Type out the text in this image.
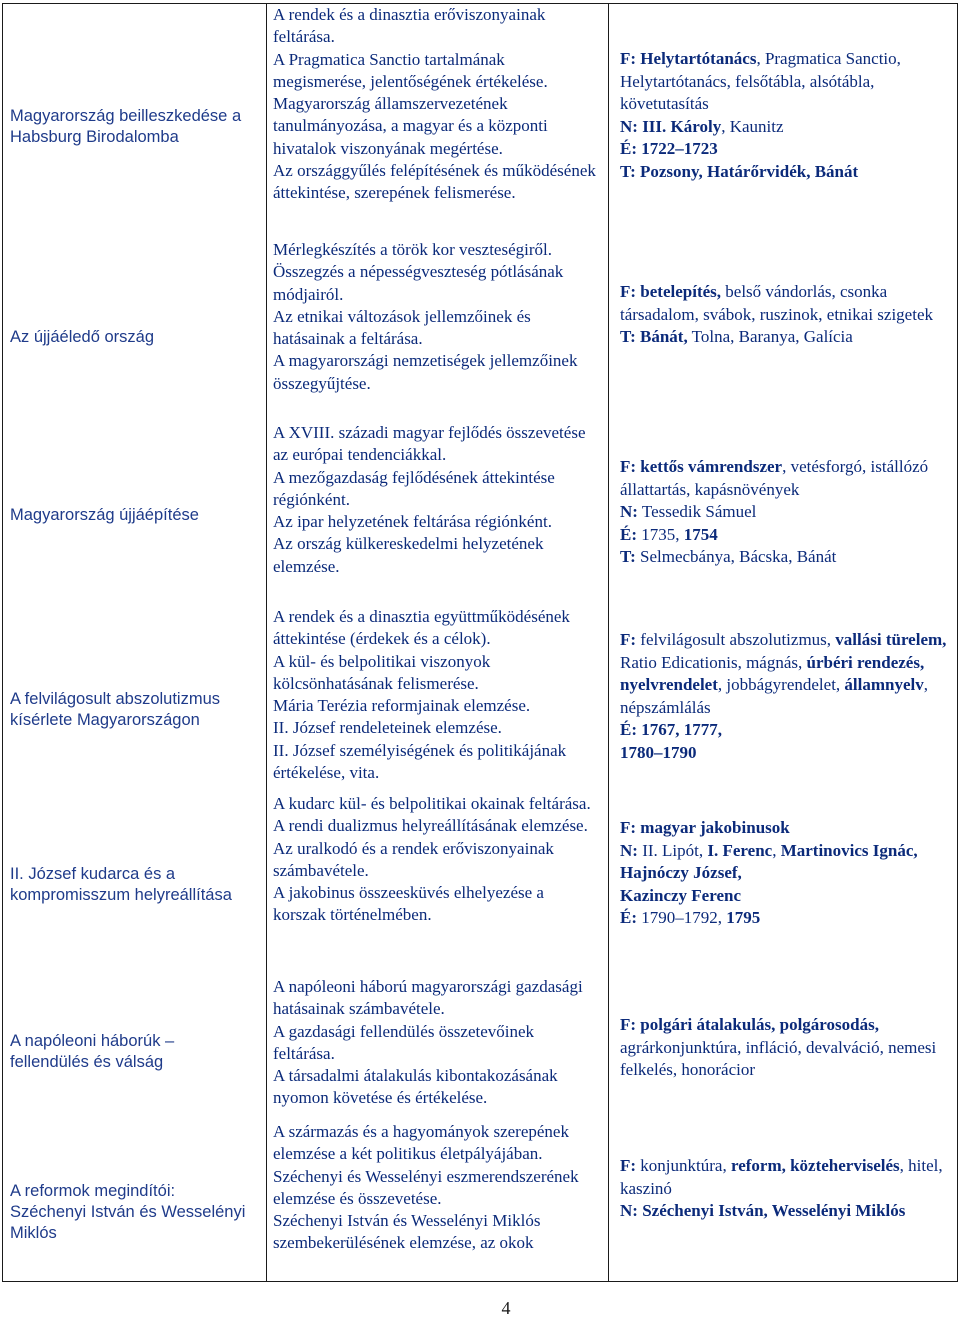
Magyarország beilleszkedése a Habsburg Birodalomba
Az újjáéledő ország
Magyarország újjáépítése
A felvilágosult abszolutizmus kísérlete Magyarországon
II. József kudarca és a kompromisszum helyreállítása
A napóleoni háborúk – fellendülés és válság
A reformok megindítói: Széchenyi István és Wesselényi Miklós

A rendek és a dinasztia erőviszonyainak feltárása.

A Pragmatica Sanctio tartalmának megismerése, jelentőségének értékelése.

Magyarország államszervezetének tanulmányozása, a magyar és a központi hivatalok viszonyának megértése.

Az országgyűlés felépítésének és működésének áttekintése, szerepének felismerése.

Mérlegkészítés a török kor veszteségiről.

Összegzés a népességveszteség pótlásának módjairól.

Az etnikai változások jellemzőinek és hatásainak a feltárása.

A magyarországi nemzetiségek jellemzőinek összegyűjtése.

A XVIII. századi magyar fejlődés összevetése az európai tendenciákkal.

A mezőgazdaság fejlődésének áttekintése régiónként.

Az ipar helyzetének feltárása régiónként.

Az ország külkereskedelmi helyzetének elemzése.

A rendek és a dinasztia együttműködésének áttekintése (érdekek és a célok).

A kül- és belpolitikai viszonyok kölcsönhatásának felismerése.

Mária Terézia reformjainak elemzése.

II. József rendeleteinek elemzése.

II. József személyiségének és politikájának értékelése, vita.

A kudarc kül- és belpolitikai okainak feltárása.

A rendi dualizmus helyreállításának elemzése.

Az uralkodó és a rendek erőviszonyainak számbavétele.

A jakobinus összeesküvés elhelyezése a korszak történelmében.

A napóleoni háború magyarországi gazdasági hatásainak számbavétele.

A gazdasági fellendülés összetevőinek feltárása.

A társadalmi átalakulás kibontakozásának nyomon követése és értékelése.

A származás és a hagyományok szerepének elemzése a két politikus életpályájában.

Széchenyi és Wesselényi eszmerendszerének elemzése és összevetése.

Széchenyi István és Wesselényi Miklós szembekerülésének elemzése, az okok

F: Helytartótanács, Pragmatica Sanctio, Helytartótanács, felsőtábla, alsótábla, követutasítás

N: III. Károly, Kaunitz

É: 1722–1723

T: Pozsony, Határőrvidék, Bánát

F: betelepítés, belső vándorlás, csonka társadalom, svábok, ruszinok, etnikai szigetek

T: Bánát, Tolna, Baranya, Galícia

F: kettős vámrendszer, vetésforgó, istállózó állattartás, kapásnövények

N: Tessedik Sámuel

É: 1735, 1754

T: Selmecbánya, Bácska, Bánát

F: felvilágosult abszolutizmus, vallási türelem, Ratio Edicationis, mágnás, úrbéri rendezés, nyelvrendelet, jobbágyrendelet, államnyelv, népszámlálás

É: 1767, 1777,

1780–1790

F: magyar jakobinusok

N: II. Lipót, I. Ferenc, Martinovics Ignác,

Hajnóczy József,

Kazinczy Ferenc

É: 1790–1792, 1795

F: polgári átalakulás, polgárosodás, agrárkonjunktúra, infláció, devalváció, nemesi felkelés, honorácior

F: konjunktúra, reform, közteherviselés, hitel, kaszinó

N: Széchenyi István, Wesselényi Miklós

4
